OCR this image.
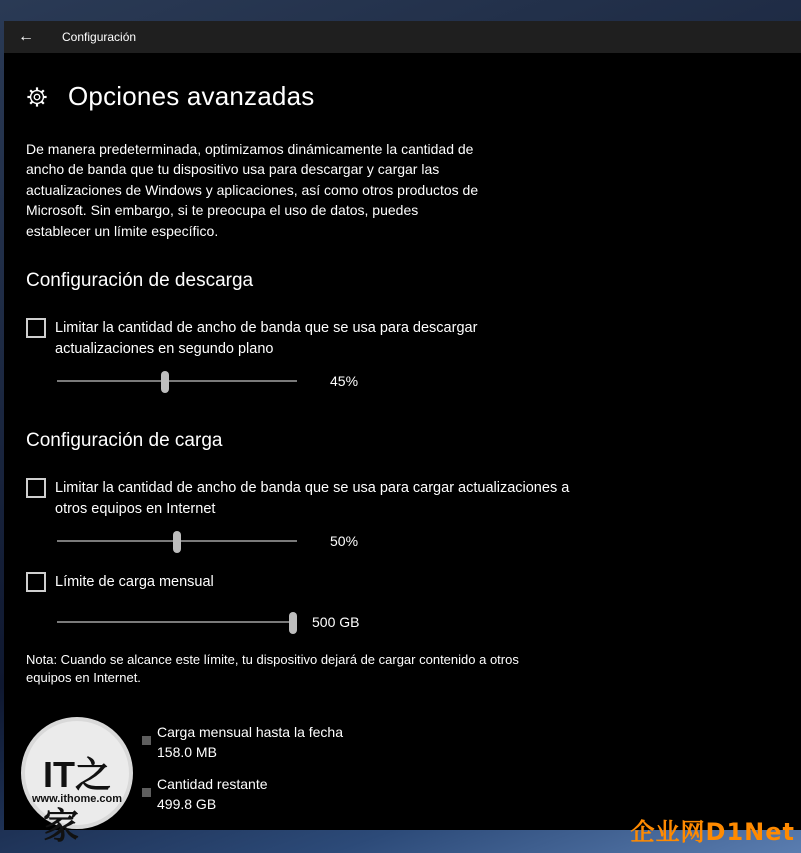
← Configuración
Opciones avanzadas
De manera predeterminada, optimizamos dinámicamente la cantidad de ancho de banda que tu dispositivo usa para descargar y cargar las actualizaciones de Windows y aplicaciones, así como otros productos de Microsoft. Sin embargo, si te preocupa el uso de datos, puedes establecer un límite específico.
Configuración de descarga
Limitar la cantidad de ancho de banda que se usa para descargar
actualizaciones en segundo plano
45%
Configuración de carga
Limitar la cantidad de ancho de banda que se usa para cargar actualizaciones a
otros equipos en Internet
50%
Límite de carga mensual
500 GB
Nota: Cuando se alcance este límite, tu dispositivo dejará de cargar contenido a otros
equipos en Internet.
Carga mensual hasta la fecha
158.0 MB
Cantidad restante
499.8 GB
IT之家
www.ithome.com
企业网D1Net
